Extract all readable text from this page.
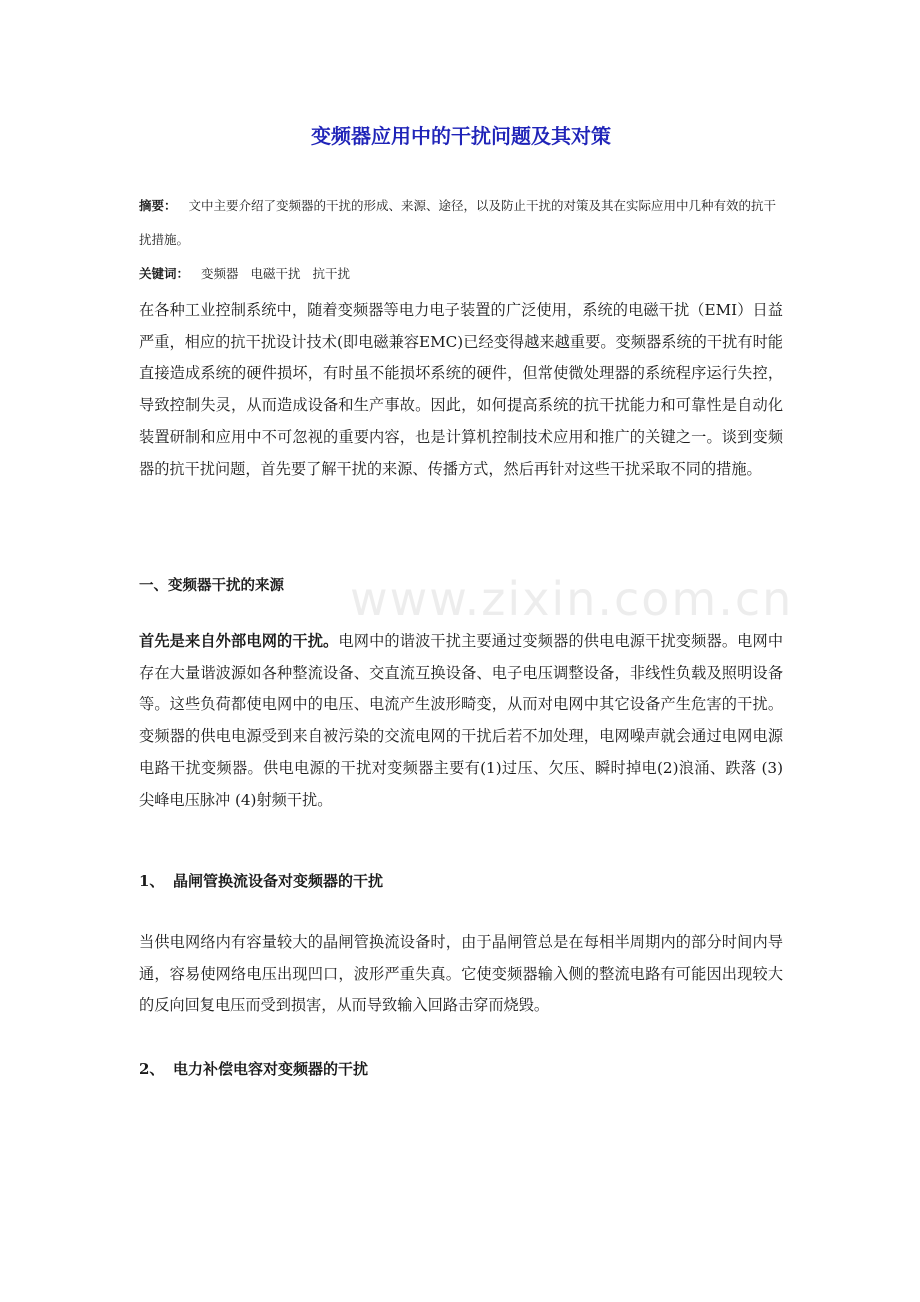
www.zixin.com.cn
变频器应用中的干扰问题及其对策

摘要： 文中主要介绍了变频器的干扰的形成、来源、途径，以及防止干扰的对策及其在实际应用中几种有效的抗干扰措施。

关键词： 变频器 电磁干扰 抗干扰

在各种工业控制系统中，随着变频器等电力电子装置的广泛使用，系统的电磁干扰（EMI）日益严重，相应的抗干扰设计技术(即电磁兼容EMC)已经变得越来越重要。变频器系统的干扰有时能直接造成系统的硬件损坏，有时虽不能损坏系统的硬件，但常使微处理器的系统程序运行失控，导致控制失灵，从而造成设备和生产事故。因此，如何提高系统的抗干扰能力和可靠性是自动化装置研制和应用中不可忽视的重要内容，也是计算机控制技术应用和推广的关键之一。谈到变频器的抗干扰问题，首先要了解干扰的来源、传播方式，然后再针对这些干扰采取不同的措施。

一、变频器干扰的来源

首先是来自外部电网的干扰。电网中的谐波干扰主要通过变频器的供电电源干扰变频器。电网中存在大量谐波源如各种整流设备、交直流互换设备、电子电压调整设备，非线性负载及照明设备等。这些负荷都使电网中的电压、电流产生波形畸变，从而对电网中其它设备产生危害的干扰。变频器的供电电源受到来自被污染的交流电网的干扰后若不加处理，电网噪声就会通过电网电源电路干扰变频器。供电电源的干扰对变频器主要有(1)过压、欠压、瞬时掉电(2)浪涌、跌落 (3)尖峰电压脉冲 (4)射频干扰。

1、 晶闸管换流设备对变频器的干扰

当供电网络内有容量较大的晶闸管换流设备时，由于晶闸管总是在每相半周期内的部分时间内导通，容易使网络电压出现凹口，波形严重失真。它使变频器输入侧的整流电路有可能因出现较大的反向回复电压而受到损害，从而导致输入回路击穿而烧毁。

2、 电力补偿电容对变频器的干扰
